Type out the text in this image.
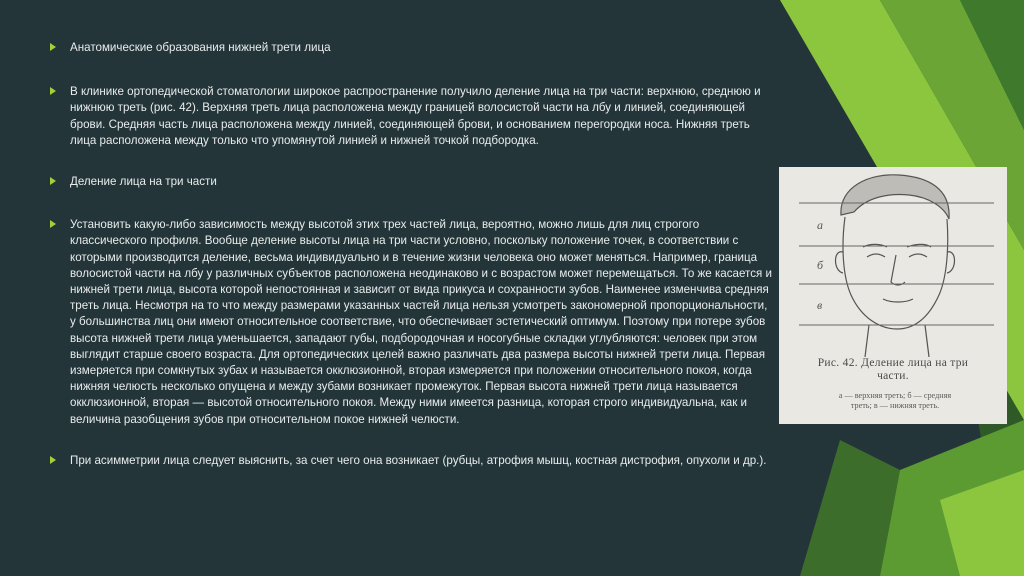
Анатомические образования нижней трети лица
В клинике ортопедической стоматологии широкое распространение получило деление лица на три части: верхнюю, среднюю и нижнюю треть (рис. 42). Верхняя треть лица расположена между границей волосистой части на лбу и линией, соединяющей брови. Средняя часть лица расположена между линией, соединяющей брови, и основанием перегородки носа. Нижняя треть лица расположена между только что упомянутой линией и нижней точкой подбородка.
Деление лица на три части
Установить какую-либо зависимость между высотой этих трех частей лица, вероятно, можно лишь для лиц строгого классического профиля. Вообще деление высоты лица на три части условно, поскольку положение точек, в соответствии с которыми производится деление, весьма индивидуально и в течение жизни человека оно может меняться. Например, граница волосистой части на лбу у различных субъектов расположена неодинаково и с возрастом может перемещаться. То же касается и нижней трети лица, высота которой непостоянная и зависит от вида прикуса и сохранности зубов. Наименее изменчива средняя треть лица. Несмотря на то что между размерами указанных частей лица нельзя усмотреть закономерной пропорциональности, у большинства лиц они имеют относительное соответствие, что обеспечивает эстетический оптимум. Поэтому при потере зубов высота нижней трети лица уменьшается, западают губы, подбородочная и носогубные складки углубляются: человек при этом выглядит старше своего возраста. Для ортопедических целей важно различать два размера высоты нижней трети лица. Первая измеряется при сомкнутых зубах и называется окклюзионной, вторая измеряется при положении относительного покоя, когда нижняя челюсть несколько опущена и между зубами возникает промежуток. Первая высота нижней трети лица называется окклюзионной, вторая — высотой относительного покоя. Между ними имеется разница, которая строго индивидуальна, как и величина разобщения зубов при относительном покое нижней челюсти.
При асимметрии лица следует выяснить, за счет чего она возникает (рубцы, атрофия мышц, костная дистрофия, опухоли и др.).
а
б
в
Рис. 42. Деление лица на три
части.
а — верхняя треть; б — средняя
треть; в — нижняя треть.
